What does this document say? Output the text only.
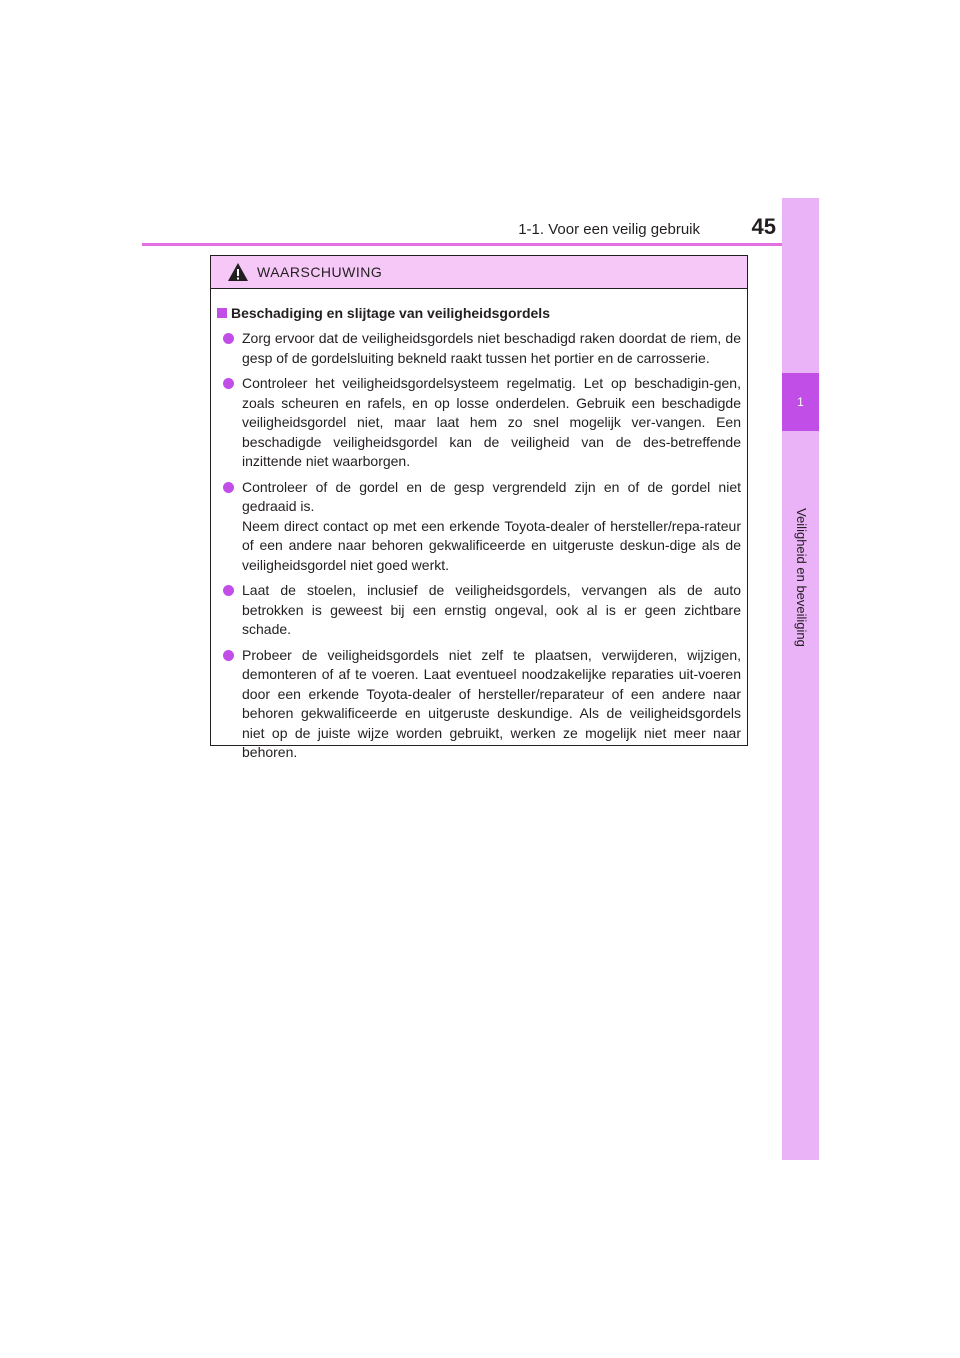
1-1. Voor een veilig gebruik	45
1
Veiligheid en beveiliging
WAARSCHUWING
Beschadiging en slijtage van veiligheidsgordels

Zorg ervoor dat de veiligheidsgordels niet beschadigd raken doordat de riem, de gesp of de gordelsluiting bekneld raakt tussen het portier en de carrosserie.

Controleer het veiligheidsgordelsysteem regelmatig. Let op beschadigin-gen, zoals scheuren en rafels, en op losse onderdelen. Gebruik een beschadigde veiligheidsgordel niet, maar laat hem zo snel mogelijk ver-vangen. Een beschadigde veiligheidsgordel kan de veiligheid van de des-betreffende inzittende niet waarborgen.

Controleer of de gordel en de gesp vergrendeld zijn en of de gordel niet gedraaid is.

Neem direct contact op met een erkende Toyota-dealer of hersteller/repa-rateur of een andere naar behoren gekwalificeerde en uitgeruste deskun-dige als de veiligheidsgordel niet goed werkt.

Laat de stoelen, inclusief de veiligheidsgordels, vervangen als de auto betrokken is geweest bij een ernstig ongeval, ook al is er geen zichtbare schade.

Probeer de veiligheidsgordels niet zelf te plaatsen, verwijderen, wijzigen, demonteren of af te voeren. Laat eventueel noodzakelijke reparaties uit-voeren door een erkende Toyota-dealer of hersteller/reparateur of een andere naar behoren gekwalificeerde en uitgeruste deskundige. Als de veiligheidsgordels niet op de juiste wijze worden gebruikt, werken ze mogelijk niet meer naar behoren.
